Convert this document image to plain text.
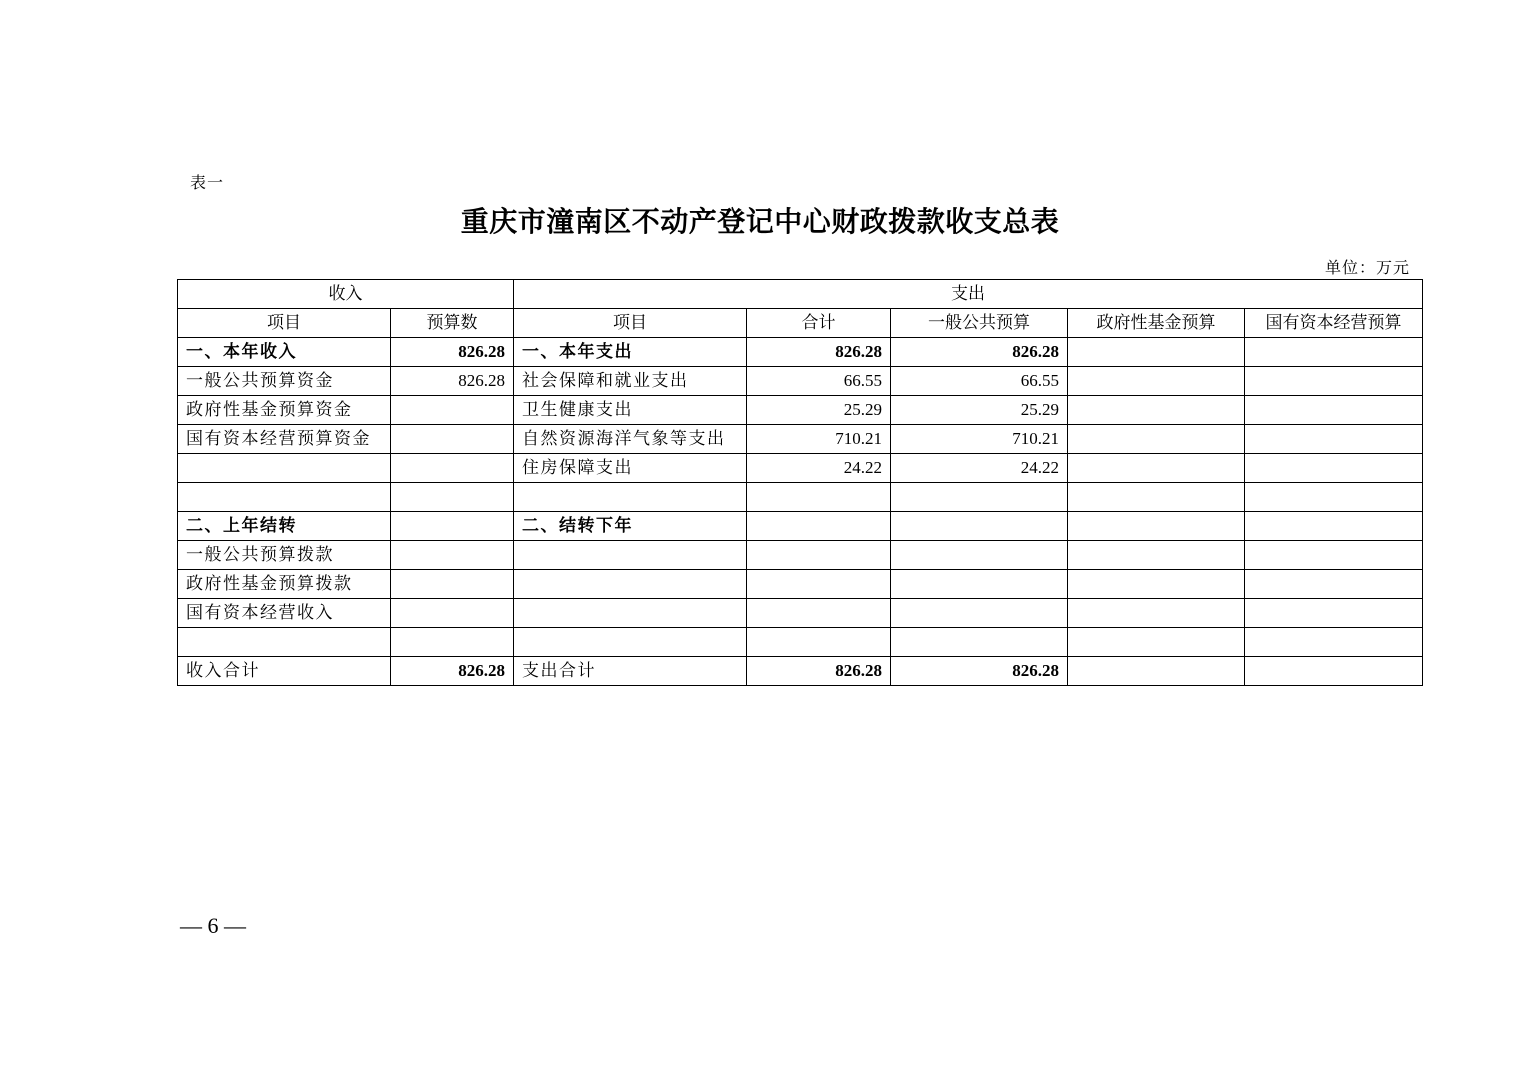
表一
重庆市潼南区不动产登记中心财政拨款收支总表
单位：万元
收入		支出				
项目	预算数	项目	合计	一般公共预算	政府性基金预算	国有资本经营预算
一、本年收入	826.28	一、本年支出	826.28	826.28		
一般公共预算资金	826.28	社会保障和就业支出	66.55	66.55		
政府性基金预算资金		卫生健康支出	25.29	25.29		
国有资本经营预算资金		自然资源海洋气象等支出	710.21	710.21		
		住房保障支出	24.22	24.22		

二、上年结转		二、结转下年				
一般公共预算拨款						
政府性基金预算拨款						
国有资本经营收入						

收入合计	826.28	支出合计	826.28	826.28		
— 6 —
